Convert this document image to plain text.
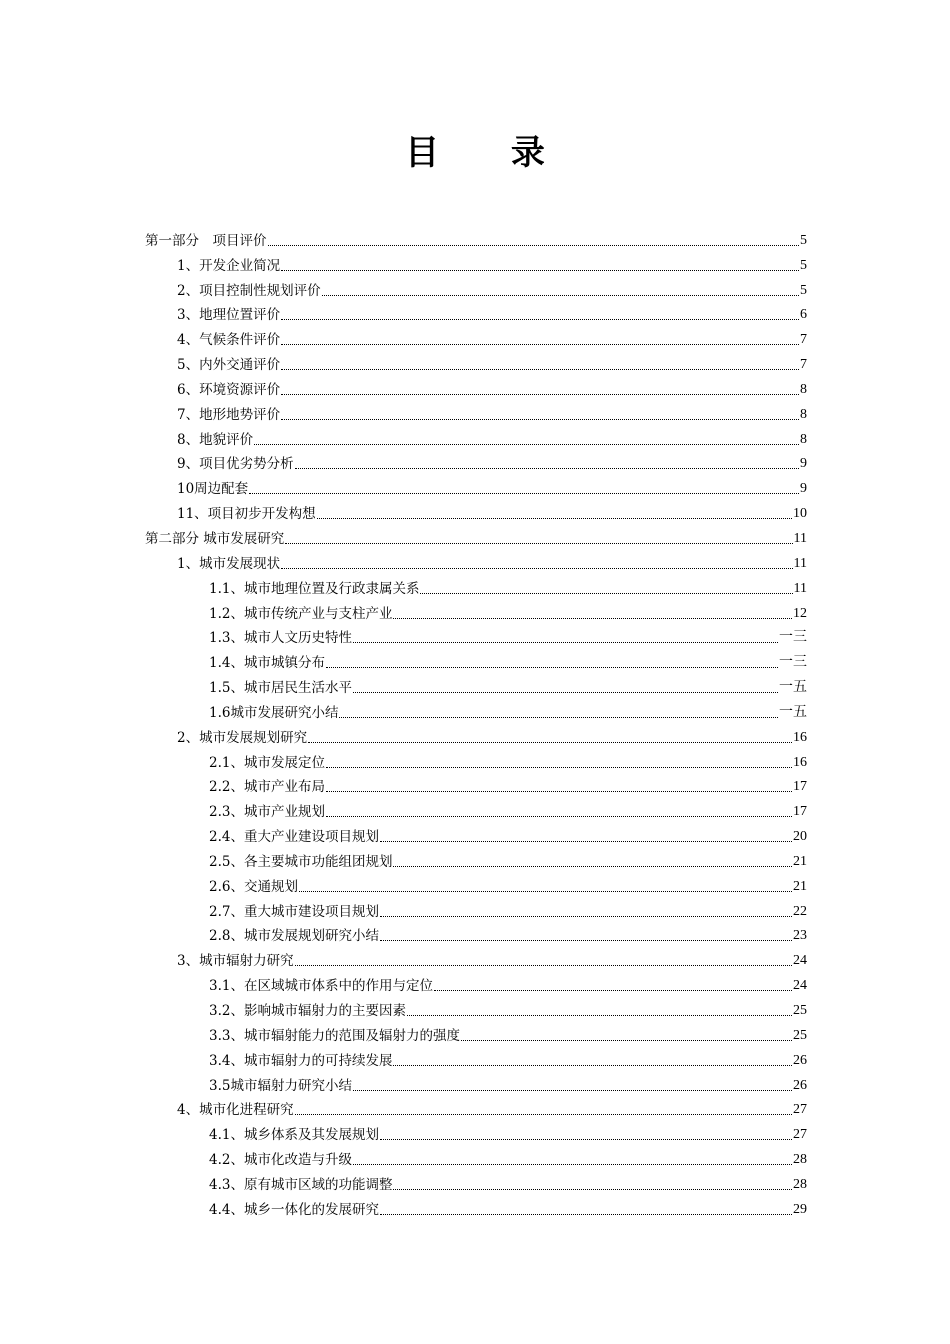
目 录
第一部分　项目评价	5
1、开发企业简况	5
2、项目控制性规划评价	5
3、地理位置评价	6
4、气候条件评价	7
5、内外交通评价	7
6、环境资源评价	8
7、地形地势评价	8
8、地貌评价	8
9、项目优劣势分析	9
10周边配套	9
11、项目初步开发构想	10
第二部分 城市发展研究	11
1、城市发展现状	11
1.1、城市地理位置及行政隶属关系	11
1.2、城市传统产业与支柱产业	12
1.3、城市人文历史特性	一三
1.4、城市城镇分布	一三
1.5、城市居民生活水平	一五
1.6城市发展研究小结	一五
2、城市发展规划研究	16
2.1、城市发展定位	16
2.2、城市产业布局	17
2.3、城市产业规划	17
2.4、重大产业建设项目规划	20
2.5、各主要城市功能组团规划	21
2.6、交通规划	21
2.7、重大城市建设项目规划	22
2.8、城市发展规划研究小结	23
3、城市辐射力研究	24
3.1、在区域城市体系中的作用与定位	24
3.2、影响城市辐射力的主要因素	25
3.3、城市辐射能力的范围及辐射力的强度	25
3.4、城市辐射力的可持续发展	26
3.5城市辐射力研究小结	26
4、城市化进程研究	27
4.1、城乡体系及其发展规划	27
4.2、城市化改造与升级	28
4.3、原有城市区域的功能调整	28
4.4、城乡一体化的发展研究	29
